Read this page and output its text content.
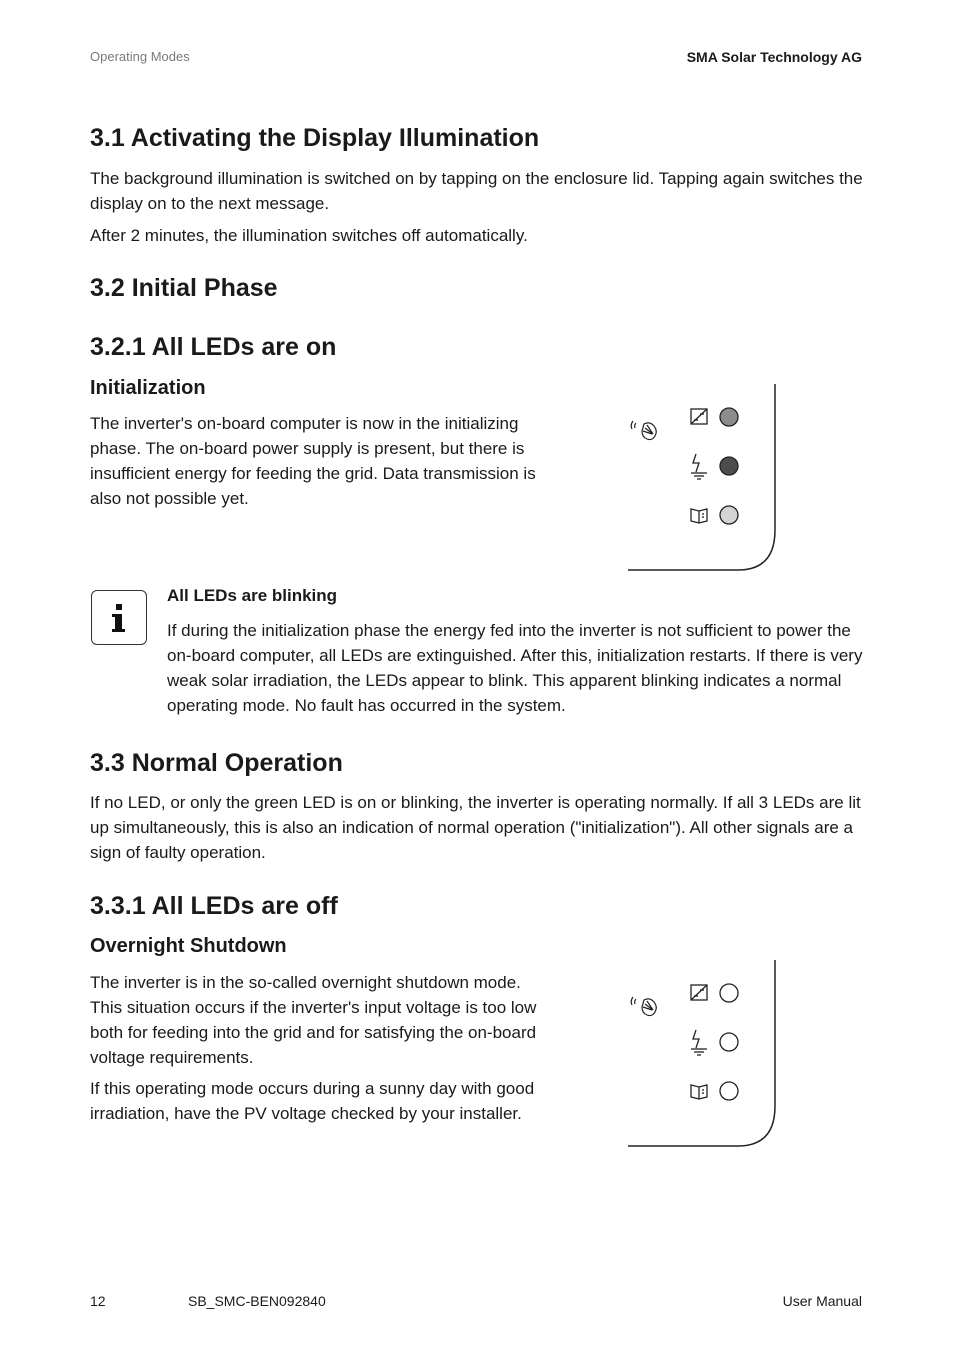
Operating Modes	SMA Solar Technology AG
3.1 Activating the Display Illumination

The background illumination is switched on by tapping on the enclosure lid. Tapping again switches the display on to the next message.

After 2 minutes, the illumination switches off automatically.

3.2 Initial Phase
3.2.1 All LEDs are on
Initialization

The inverter's on-board computer is now in the initializing phase. The on-board power supply is present, but there is insufficient energy for feeding the grid. Data transmission is also not possible yet.

All LEDs are blinking

If during the initialization phase the energy fed into the inverter is not sufficient to power the on-board computer, all LEDs are extinguished. After this, initialization restarts. If there is very weak solar irradiation, the LEDs appear to blink. This apparent blinking indicates a normal operating mode. No fault has occurred in the system.

3.3 Normal Operation

If no LED, or only the green LED is on or blinking, the inverter is operating normally. If all 3 LEDs are lit up simultaneously, this is also an indication of normal operation ("initialization"). All other signals are a sign of faulty operation.

3.3.1 All LEDs are off
Overnight Shutdown

The inverter is in the so-called overnight shutdown mode. This situation occurs if the inverter's input voltage is too low both for feeding into the grid and for satisfying the on-board voltage requirements.

If this operating mode occurs during a sunny day with good irradiation, have the PV voltage checked by your installer.

12	SB_SMC-BEN092840	User Manual
